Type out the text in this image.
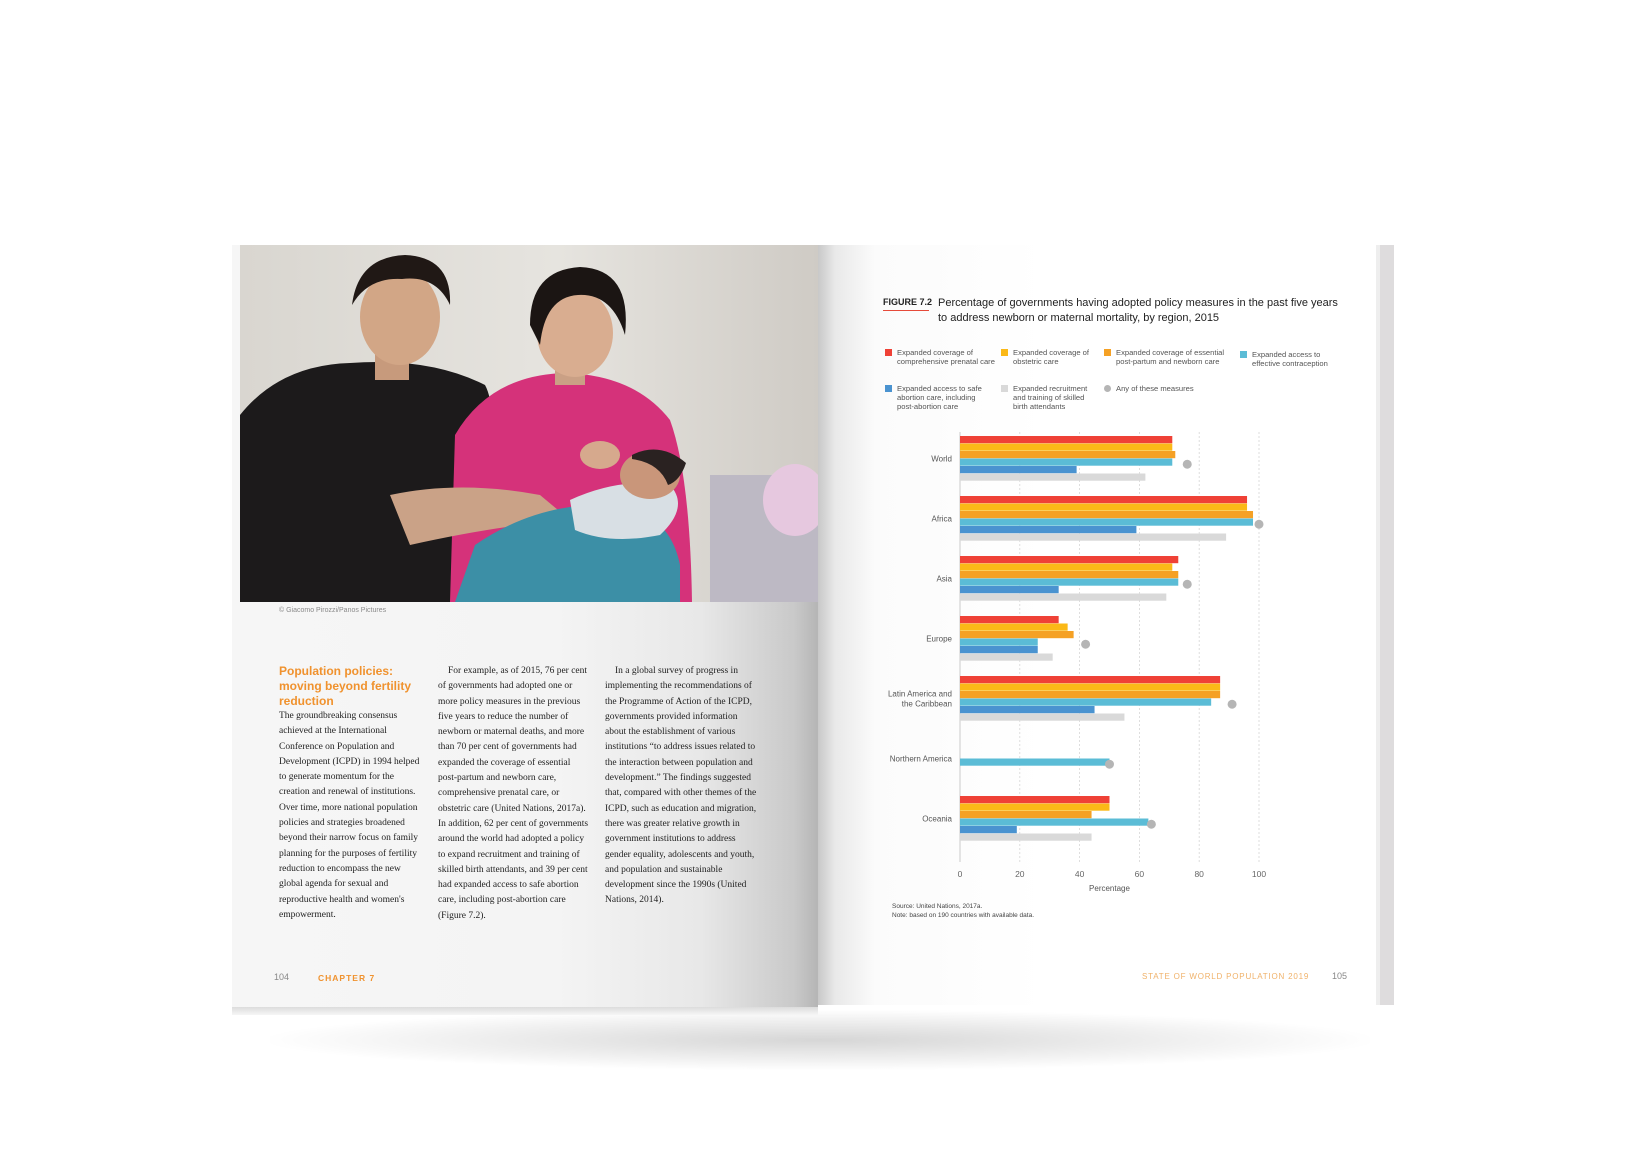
© Giacomo Pirozzi/Panos Pictures
Population policies: moving beyond fertility reduction

The groundbreaking consensus achieved at the International Conference on Population and Development (ICPD) in 1994 helped to generate momentum for the creation and renewal of institutions. Over time, more national population policies and strategies broadened beyond their narrow focus on family planning for the purposes of fertility reduction to encompass the new global agenda for sexual and reproductive health and women's empowerment.

For example, as of 2015, 76 per cent of governments had adopted one or more policy measures in the previous five years to reduce the number of newborn or maternal deaths, and more than 70 per cent of governments had expanded the coverage of essential post-partum and newborn care, comprehensive prenatal care, or obstetric care (United Nations, 2017a). In addition, 62 per cent of governments around the world had adopted a policy to expand recruitment and training of skilled birth attendants, and 39 per cent had expanded access to safe abortion care, including post-abortion care (Figure 7.2).

In a global survey of progress in implementing the recommendations of the Programme of Action of the ICPD, governments provided information about the establishment of various institutions “to address issues related to the interaction between population and development.” The findings suggested that, compared with other themes of the ICPD, such as education and migration, there was greater relative growth in government institutions to address gender equality, adolescents and youth, and population and sustainable development since the 1990s (United Nations, 2014).

104	CHAPTER 7
FIGURE 7.2 Percentage of governments having adopted policy measures in the past five years to address newborn or maternal mortality, by region, 2015
Expanded coverage of
comprehensive prenatal care
Expanded coverage of
obstetric care
Expanded coverage of essential
post-partum and newborn care
Expanded access to
effective contraception
Expanded access to safe
abortion care, including
post-abortion care
Expanded recruitment
and training of skilled
birth attendants
Any of these measures
0	20	40	60	80	100
Percentage
World
Africa
Asia
Europe
Latin America and the Caribbean
Northern America
Oceania
Source: United Nations, 2017a.
Note: based on 190 countries with available data.
STATE OF WORLD POPULATION 2019	105
